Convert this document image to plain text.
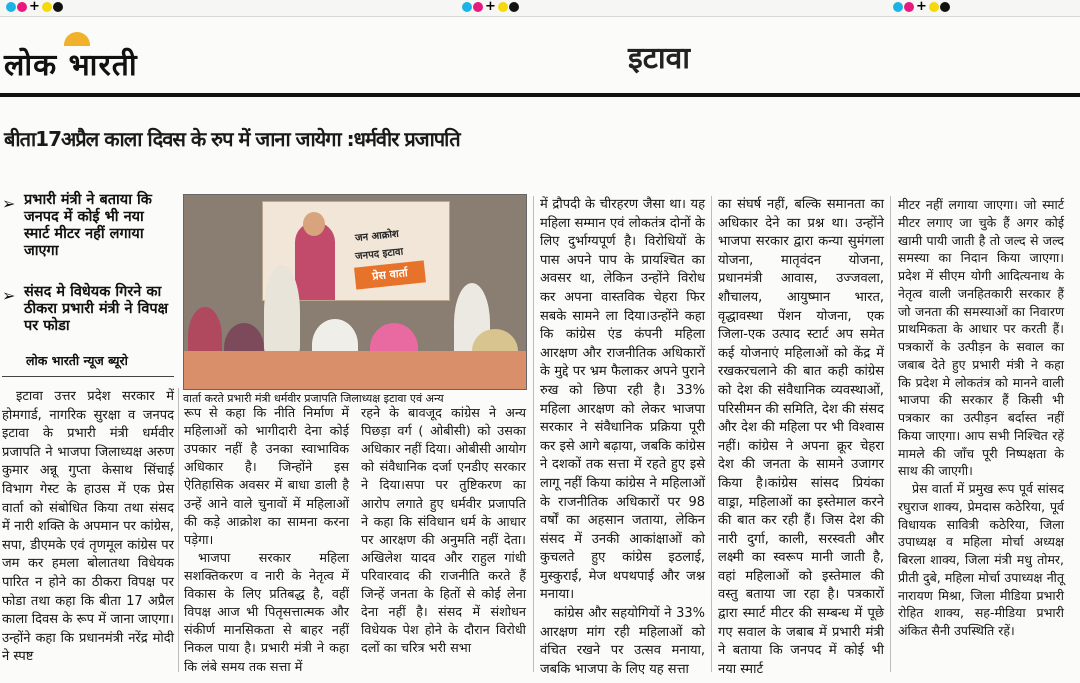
+	+	+
लोक भारती	इटावा
बीता17अप्रैल काला दिवस के रुप में जाना जायेगा :धर्मवीर प्रजापति
➢ प्रभारी मंत्री ने बताया कि जनपद में कोई भी नया स्मार्ट मीटर नहीं लगाया जाएगा
➢ संसद मे विधेयक गिरने का ठीकरा प्रभारी मंत्री ने विपक्ष पर फोडा
लोक भारती न्यूज ब्यूरो
जन आक्रोश
जनपद इटावा
प्रेस वार्ता
वार्ता करते प्रभारी मंत्री धर्मवीर प्रजापति जिलाध्यक्ष इटावा एवं अन्य

इटावा उत्तर प्रदेश सरकार में होमगार्ड, नागरिक सुरक्षा व जनपद इटावा के प्रभारी मंत्री धर्मवीर प्रजापति ने भाजपा जिलाध्यक्ष अरुण कुमार अन्नू गुप्ता केसाथ सिंचाई विभाग गेस्ट के हाउस में एक प्रेस वार्ता को संबोधित किया तथा संसद में नारी शक्ति के अपमान पर कांग्रेस, सपा, डीएमके एवं तृणमूल कांग्रेस पर जम कर हमला बोलातथा विधेयक पारित न होने का ठीकरा विपक्ष पर फोडा तथा कहा कि बीता 17 अप्रैल काला दिवस के रूप में जाना जाएगा।उन्होंने कहा कि प्रधानमंत्री नरेंद्र मोदी ने स्पष्ट

रूप से कहा कि नीति निर्माण में महिलाओं को भागीदारी देना कोई उपकार नहीं है उनका स्वाभाविक अधिकार है। जिन्होंने इस ऐतिहासिक अवसर में बाधा डाली है उन्हें आने वाले चुनावों में महिलाओं की कड़े आक्रोश का सामना करना पड़ेगा।

भाजपा सरकार महिला सशक्तिकरण व नारी के नेतृत्व में विकास के लिए प्रतिबद्ध है, वहीं विपक्ष आज भी पितृसत्तात्मक और संकीर्ण मानसिकता से बाहर नहीं निकल पाया है। प्रभारी मंत्री ने कहा कि लंबे समय तक सत्ता में

रहने के बावजूद कांग्रेस ने अन्य पिछड़ा वर्ग ( ओबीसी) को उसका अधिकार नहीं दिया। ओबीसी आयोग को संवैधानिक दर्जा एनडीए सरकार ने दिया।सपा पर तुष्टिकरण का आरोप लगाते हुए धर्मवीर प्रजापति ने कहा कि संविधान धर्म के आधार पर आरक्षण की अनुमति नहीं देता। अखिलेश यादव और राहुल गांधी परिवारवाद की राजनीति करते हैं जिन्हें जनता के हितों से कोई लेना देना नहीं है। संसद में संशोधन विधेयक पेश होने के दौरान विरोधी दलों का चरित्र भरी सभा

में द्रौपदी के चीरहरण जैसा था। यह महिला सम्मान एवं लोकतंत्र दोनों के लिए दुर्भाग्यपूर्ण है। विरोधियों के पास अपने पाप के प्रायश्चित का अवसर था, लेकिन उन्होंने विरोध कर अपना वास्तविक चेहरा फिर सबके सामने ला दिया।उन्होंने कहा कि कांग्रेस एंड कंपनी महिला आरक्षण और राजनीतिक अधिकारों के मुद्दे पर भ्रम फैलाकर अपने पुराने रुख को छिपा रही है। 33% महिला आरक्षण को लेकर भाजपा सरकार ने संवैधानिक प्रक्रिया पूरी कर इसे आगे बढ़ाया, जबकि कांग्रेस ने दशकों तक सत्ता में रहते हुए इसे लागू नहीं किया कांग्रेस ने महिलाओं के राजनीतिक अधिकारों पर 98 वर्षों का अहसान जताया, लेकिन संसद में उनकी आकांक्षाओं को कुचलते हुए कांग्रेस इठलाई, मुस्कुराई, मेज थपथपाई और जश्न मनाया।

कांग्रेस और सहयोगियों ने 33% आरक्षण मांग रही महिलाओं को वंचित रखने पर उत्सव मनाया, जबकि भाजपा के लिए यह सत्ता

का संघर्ष नहीं, बल्कि समानता का अधिकार देने का प्रश्न था। उन्होंने भाजपा सरकार द्वारा कन्या सुमंगला योजना, मातृवंदन योजना, प्रधानमंत्री आवास, उज्जवला, शौचालय, आयुष्मान भारत, वृद्धावस्था पेंशन योजना, एक जिला-एक उत्पाद स्टार्ट अप समेत कई योजनाएं महिलाओं को केंद्र में रखकरचलाने की बात कही कांग्रेस को देश की संवैधानिक व्यवस्थाओं, परिसीमन की समिति, देश की संसद और देश की महिला पर भी विश्वास नहीं। कांग्रेस ने अपना क्रूर चेहरा देश की जनता के सामने उजागर किया है।कांग्रेस सांसद प्रियंका वाड्रा, महिलाओं का इस्तेमाल करने की बात कर रही हैं। जिस देश की नारी दुर्गा, काली, सरस्वती और लक्ष्मी का स्वरूप मानी जाती है, वहां महिलाओं को इस्तेमाल की वस्तु बताया जा रहा है। पत्रकारों द्वारा स्मार्ट मीटर की सम्बन्ध में पूछे गए सवाल के जबाब में प्रभारी मंत्री ने बताया कि जनपद में कोई भी नया स्मार्ट

मीटर नहीं लगाया जाएगा। जो स्मार्ट मीटर लगाए जा चुके हैं अगर कोई खामी पायी जाती है तो जल्द से जल्द समस्या का निदान किया जाएगा। प्रदेश में सीएम योगी आदित्यनाथ के नेतृत्व वाली जनहितकारी सरकार हैं जो जनता की समस्याओं का निवारण प्राथमिकता के आधार पर करती हैं। पत्रकारों के उत्पीड़न के सवाल का जबाब देते हुए प्रभारी मंत्री ने कहा कि प्रदेश मे लोकतंत्र को मानने वाली भाजपा की सरकार हैं किसी भी पत्रकार का उत्पीड़न बर्दास्त नहीं किया जाएगा। आप सभी निश्चित रहें मामले की जाँच पूरी निष्पक्षता के साथ की जाएगी।

प्रेस वार्ता में प्रमुख रूप पूर्व सांसद रघुराज शाक्य, प्रेमदास कठेरिया, पूर्व विधायक सावित्री कठेरिया, जिला उपाध्यक्ष व महिला मोर्चा अध्यक्ष बिरला शाक्य, जिला मंत्री मधु तोमर, प्रीती दुबे, महिला मोर्चा उपाध्यक्ष नीतू नारायण मिश्रा, जिला मीडिया प्रभारी रोहित शाक्य, सह-मीडिया प्रभारी अंकित सैनी उपस्थिति रहें।
